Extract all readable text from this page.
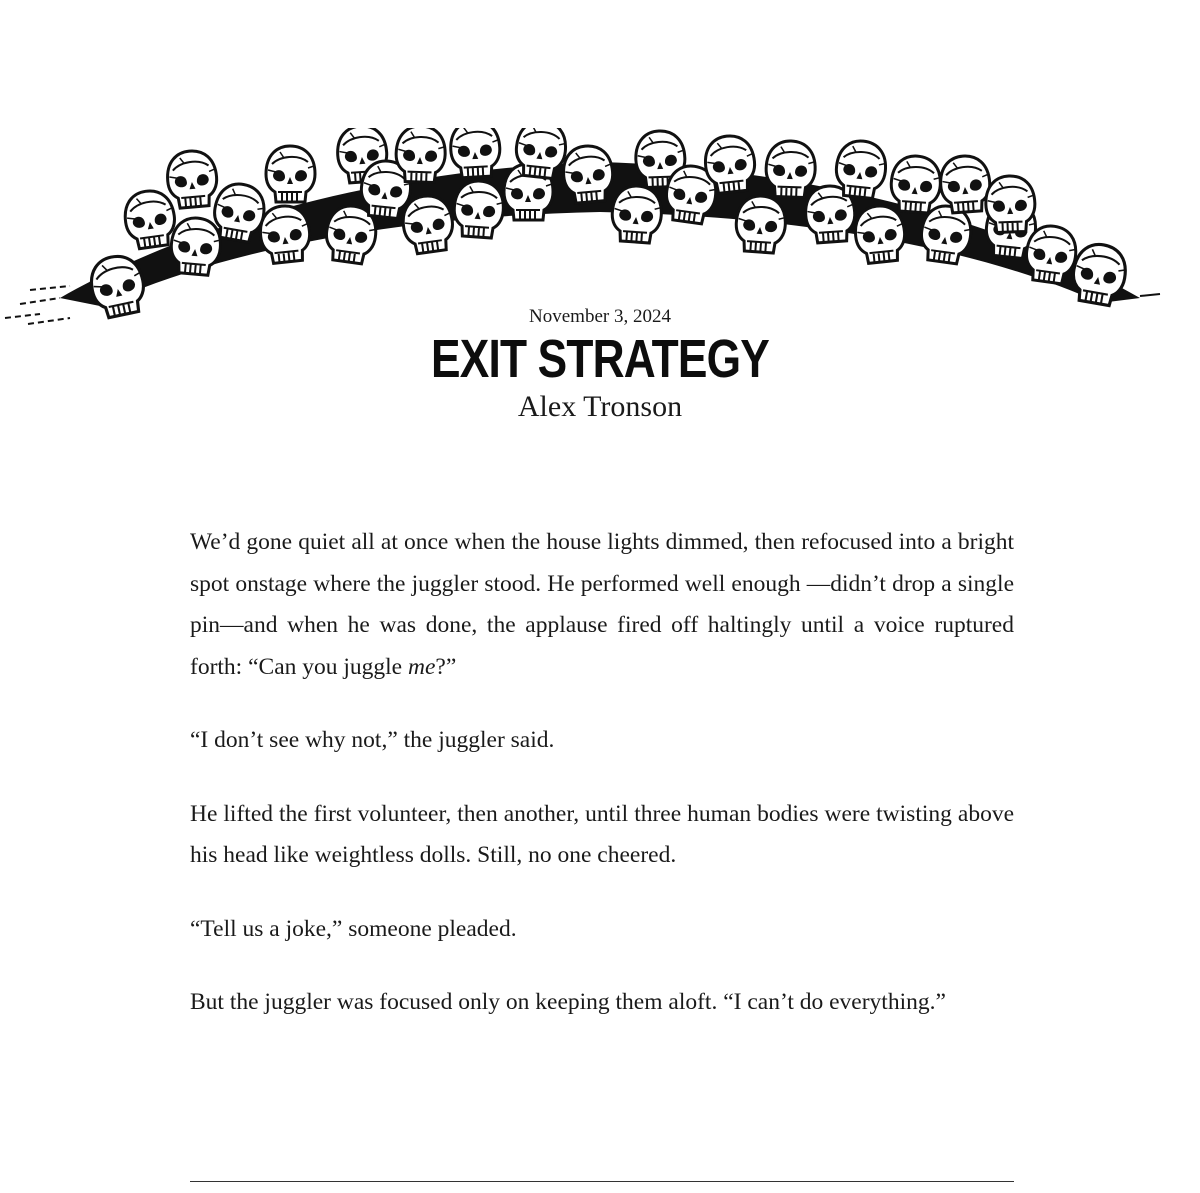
November 3, 2024
EXIT STRATEGY
Alex Tronson

We’d gone quiet all at once when the house lights dimmed, then refocused into a bright spot onstage where the juggler stood. He performed well enough —didn’t drop a single pin—and when he was done, the applause fired off haltingly until a voice ruptured forth: “Can you juggle me?”

“I don’t see why not,” the juggler said.

He lifted the first volunteer, then another, until three human bodies were twisting above his head like weightless dolls. Still, no one cheered.

“Tell us a joke,” someone pleaded.

But the juggler was focused only on keeping them aloft. “I can’t do everything.”
